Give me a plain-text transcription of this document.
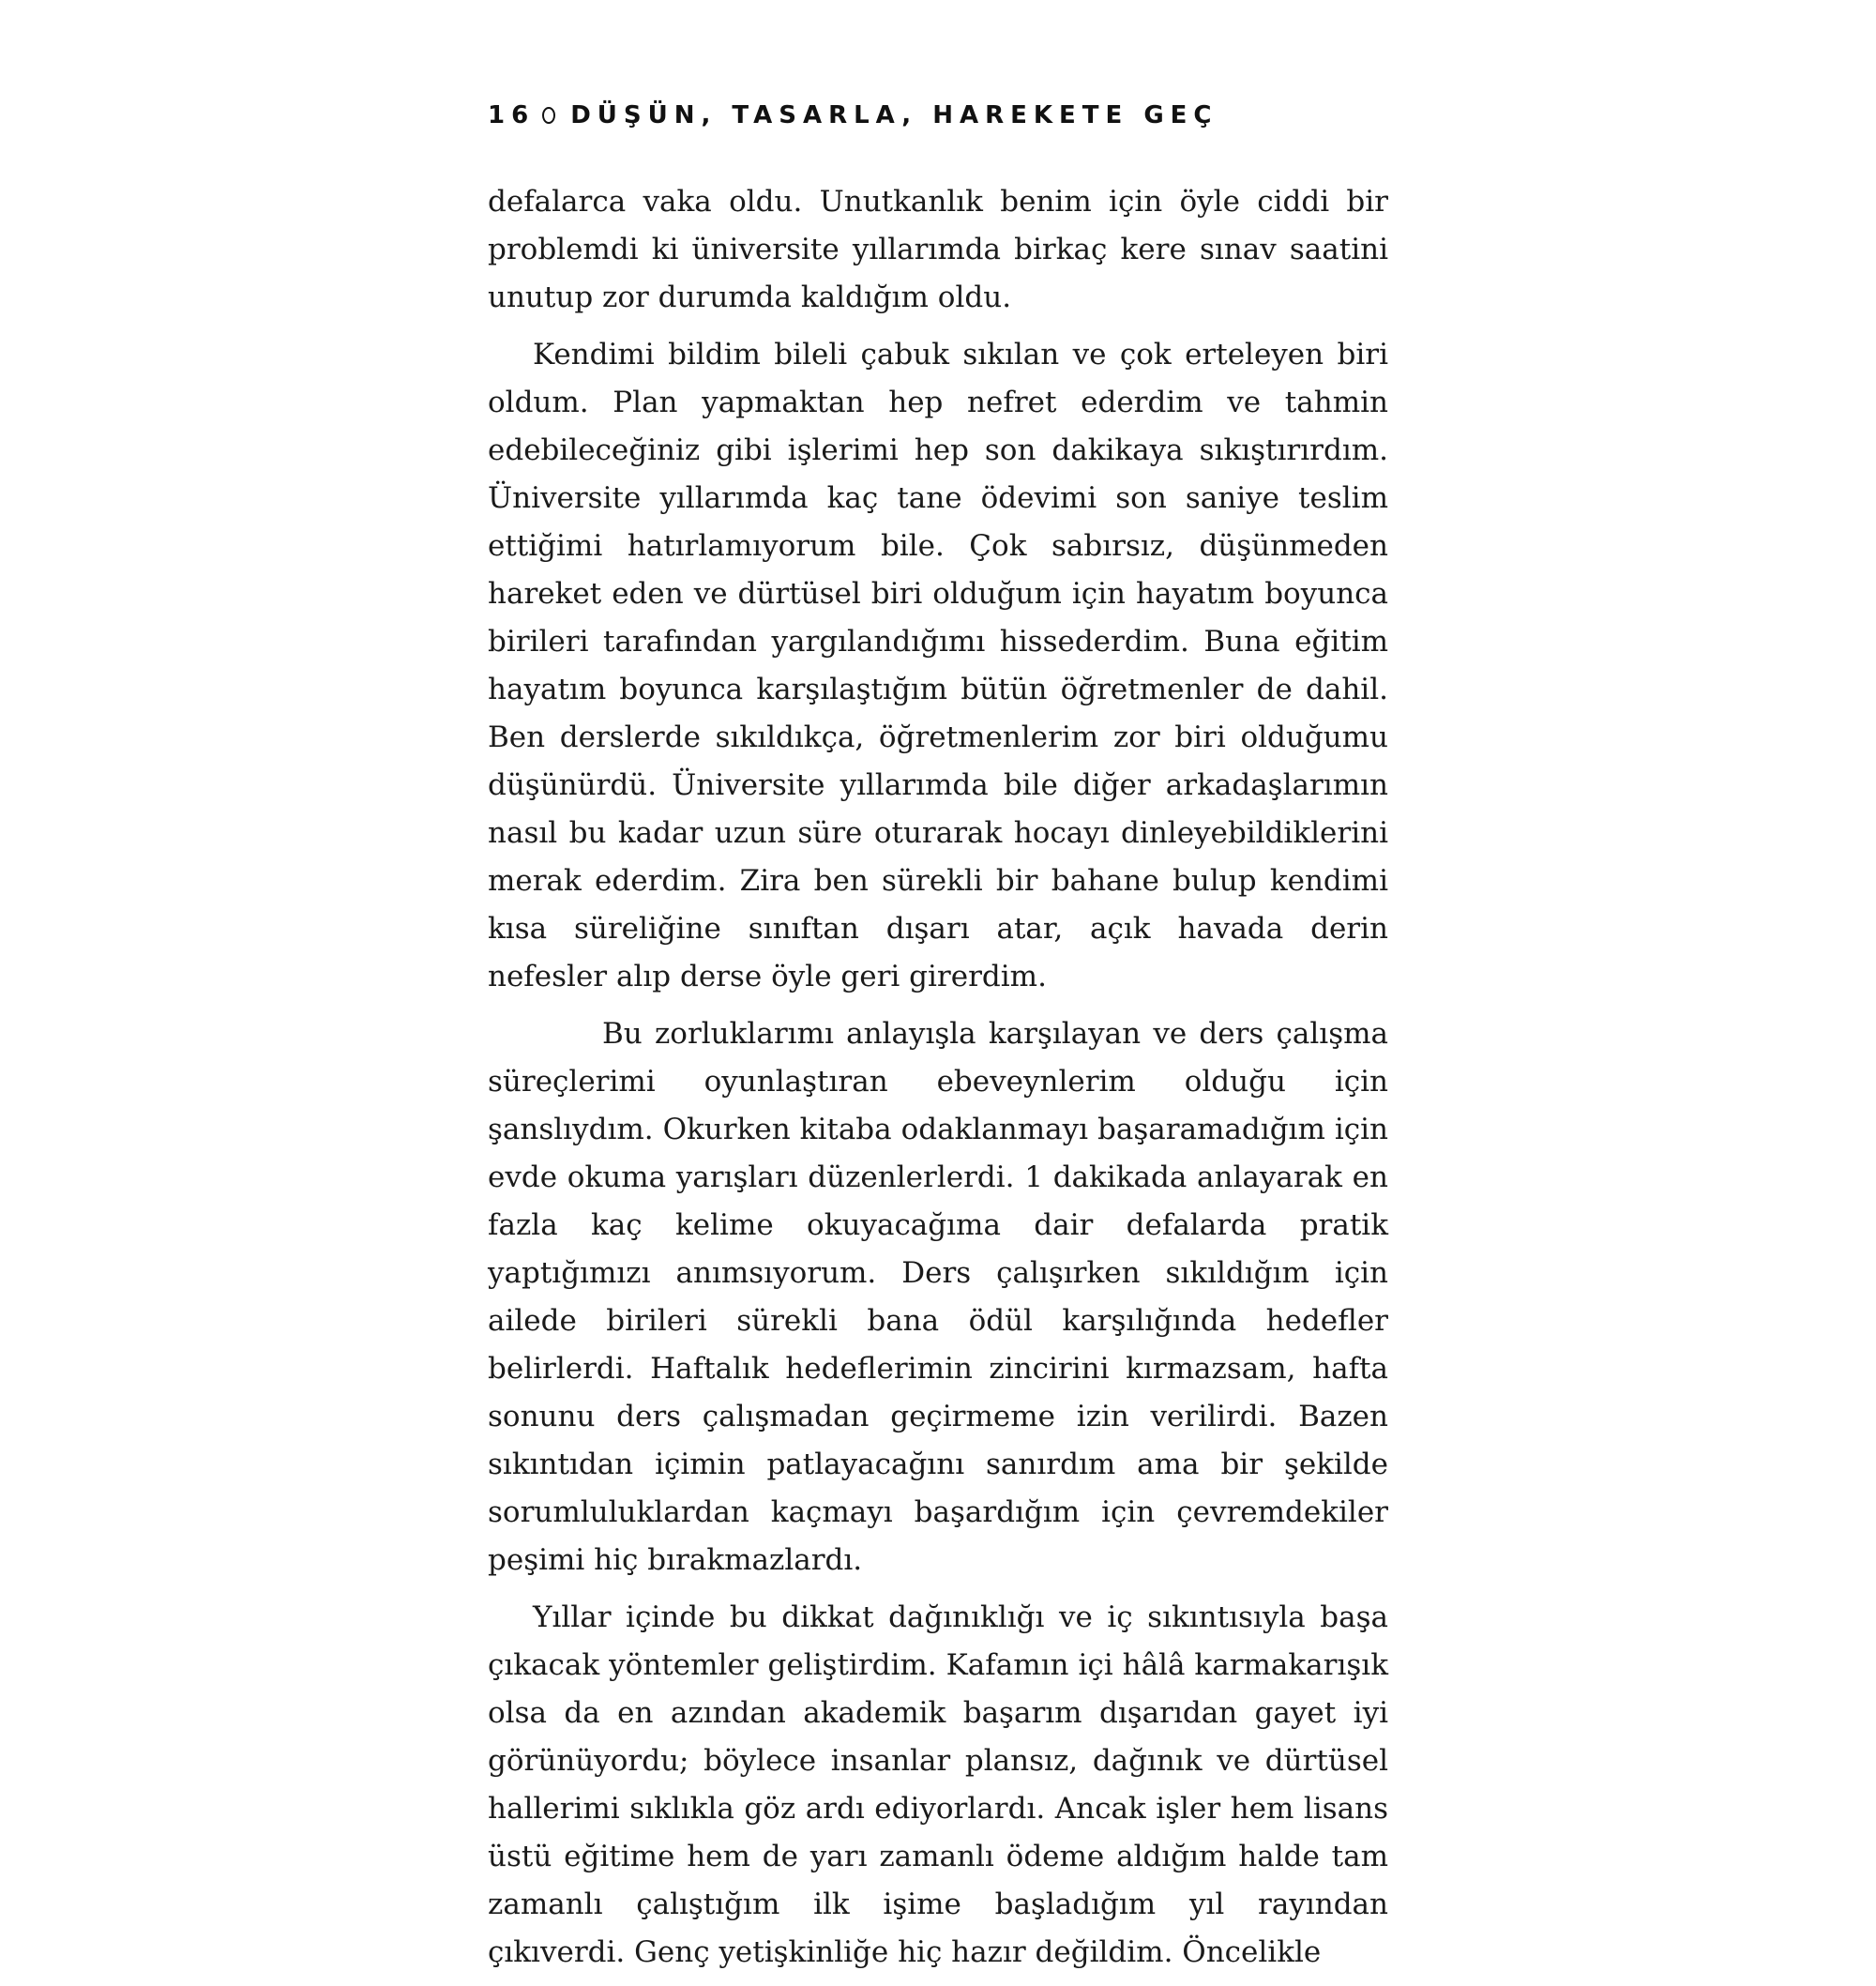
16 DÜŞÜN, TASARLA, HAREKETE GEÇ

defalarca vaka oldu. Unutkanlık benim için öyle ciddi bir problemdi ki üniversite yıllarımda birkaç kere sınav saatini unutup zor durumda kaldığım oldu.

Kendimi bildim bileli çabuk sıkılan ve çok erteleyen biri oldum. Plan yapmaktan hep nefret ederdim ve tahmin edebileceğiniz gibi işlerimi hep son dakikaya sıkıştırırdım. Üniversite yıllarımda kaç tane ödevimi son saniye teslim ettiğimi hatırlamıyorum bile. Çok sabırsız, düşünmeden hareket eden ve dürtüsel biri olduğum için hayatım boyunca birileri tarafından yargılandığımı hissederdim. Buna eğitim hayatım boyunca karşılaştığım bütün öğretmenler de dahil. Ben derslerde sıkıldıkça, öğretmenlerim zor biri olduğumu düşünürdü. Üniversite yıllarımda bile diğer arkadaşlarımın nasıl bu kadar uzun süre oturarak hocayı dinleyebildiklerini merak ederdim. Zira ben sürekli bir bahane bulup kendimi kısa süreliğine sınıftan dışarı atar, açık havada derin nefesler alıp derse öyle geri girerdim.

Bu zorluklarımı anlayışla karşılayan ve ders çalışma süreçlerimi oyunlaştıran ebeveynlerim olduğu için şanslıydım. Okurken kitaba odaklanmayı başaramadığım için evde okuma yarışları düzenlerlerdi. 1 dakikada anlayarak en fazla kaç kelime okuyacağıma dair defalarda pratik yaptığımızı anımsıyorum. Ders çalışırken sıkıldığım için ailede birileri sürekli bana ödül karşılığında hedefler belirlerdi. Haftalık hedeflerimin zincirini kırmazsam, hafta sonunu ders çalışmadan geçirmeme izin verilirdi. Bazen sıkıntıdan içimin patlayacağını sanırdım ama bir şekilde sorumluluklardan kaçmayı başardığım için çevremdekiler peşimi hiç bırakmazlardı.

Yıllar içinde bu dikkat dağınıklığı ve iç sıkıntısıyla başa çıkacak yöntemler geliştirdim. Kafamın içi hâlâ karmakarışık olsa da en azından akademik başarım dışarıdan gayet iyi görünüyordu; böylece insanlar plansız, dağınık ve dürtüsel hallerimi sıklıkla göz ardı ediyorlardı. Ancak işler hem lisans üstü eğitime hem de yarı zamanlı ödeme aldığım halde tam zamanlı çalıştığım ilk işime başladığım yıl rayından çıkıverdi. Genç yetişkinliğe hiç hazır değildim. Öncelikle
